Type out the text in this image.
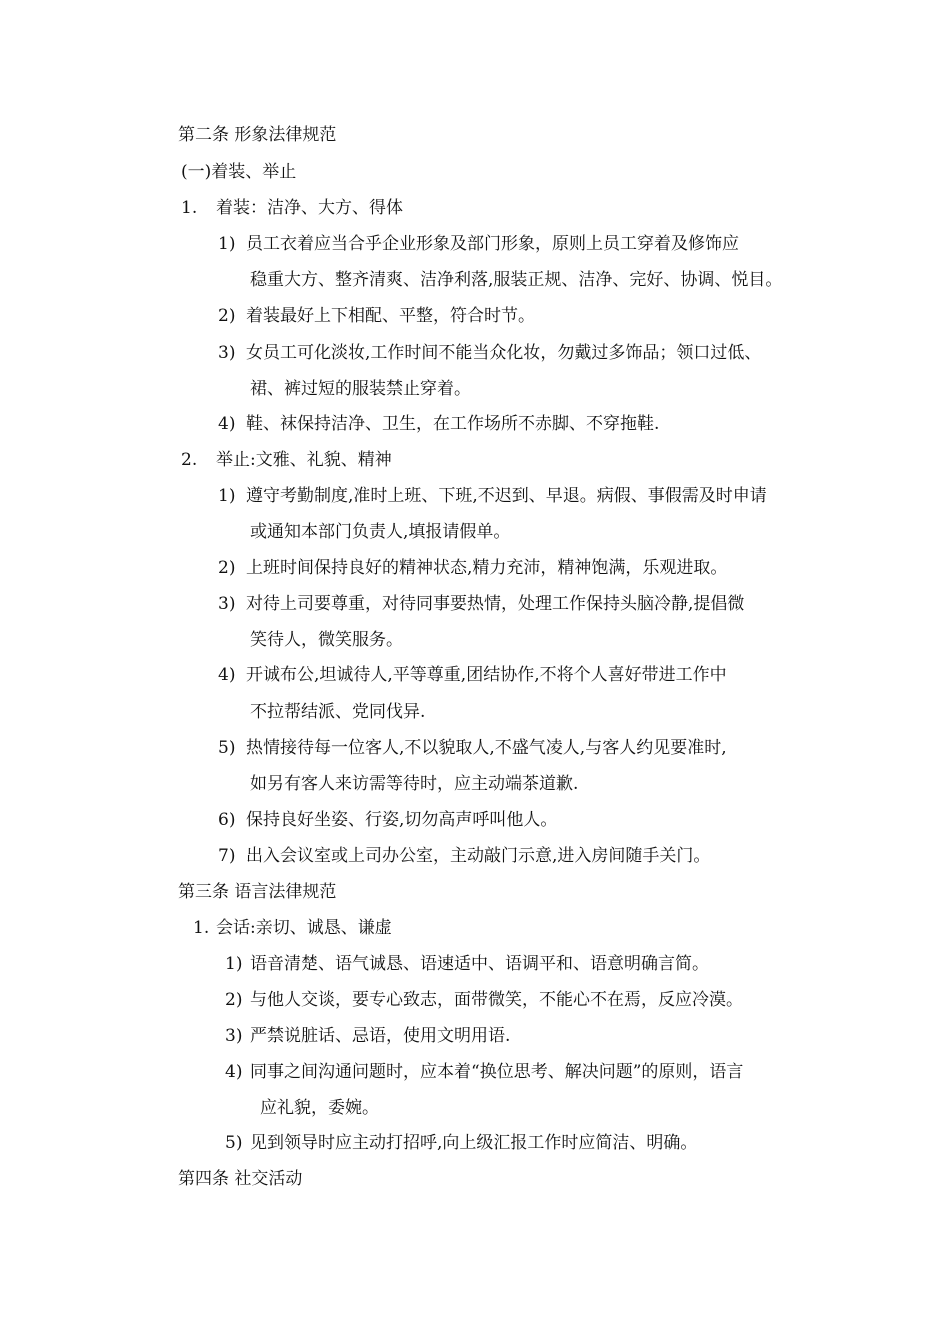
第二条 形象法律规范
(一)着装、举止
1. 着装：洁净、大方、得体
1) 员工衣着应当合乎企业形象及部门形象，原则上员工穿着及修饰应
稳重大方、整齐清爽、洁净利落,服装正规、洁净、完好、协调、悦目。
2) 着装最好上下相配、平整，符合时节。
3) 女员工可化淡妆,工作时间不能当众化妆，勿戴过多饰品；领口过低、
裙、裤过短的服装禁止穿着。
4) 鞋、袜保持洁净、卫生，在工作场所不赤脚、不穿拖鞋.
2. 举止:文雅、礼貌、精神
1) 遵守考勤制度,准时上班、下班,不迟到、早退。病假、事假需及时申请
或通知本部门负责人,填报请假单。
2) 上班时间保持良好的精神状态,精力充沛，精神饱满，乐观进取。
3) 对待上司要尊重，对待同事要热情，处理工作保持头脑冷静,提倡微
笑待人，微笑服务。
4) 开诚布公,坦诚待人,平等尊重,团结协作,不将个人喜好带进工作中
不拉帮结派、党同伐异.
5) 热情接待每一位客人,不以貌取人,不盛气凌人,与客人约见要准时,
如另有客人来访需等待时，应主动端茶道歉.
6) 保持良好坐姿、行姿,切勿高声呼叫他人。
7) 出入会议室或上司办公室，主动敲门示意,进入房间随手关门。
第三条 语言法律规范
1. 会话:亲切、诚恳、谦虚
1) 语音清楚、语气诚恳、语速适中、语调平和、语意明确言简。
2) 与他人交谈，要专心致志，面带微笑，不能心不在焉，反应冷漠。
3) 严禁说脏话、忌语，使用文明用语.
4) 同事之间沟通问题时，应本着“换位思考、解决问题”的原则，语言
应礼貌，委婉。
5) 见到领导时应主动打招呼,向上级汇报工作时应简洁、明确。
第四条 社交活动
